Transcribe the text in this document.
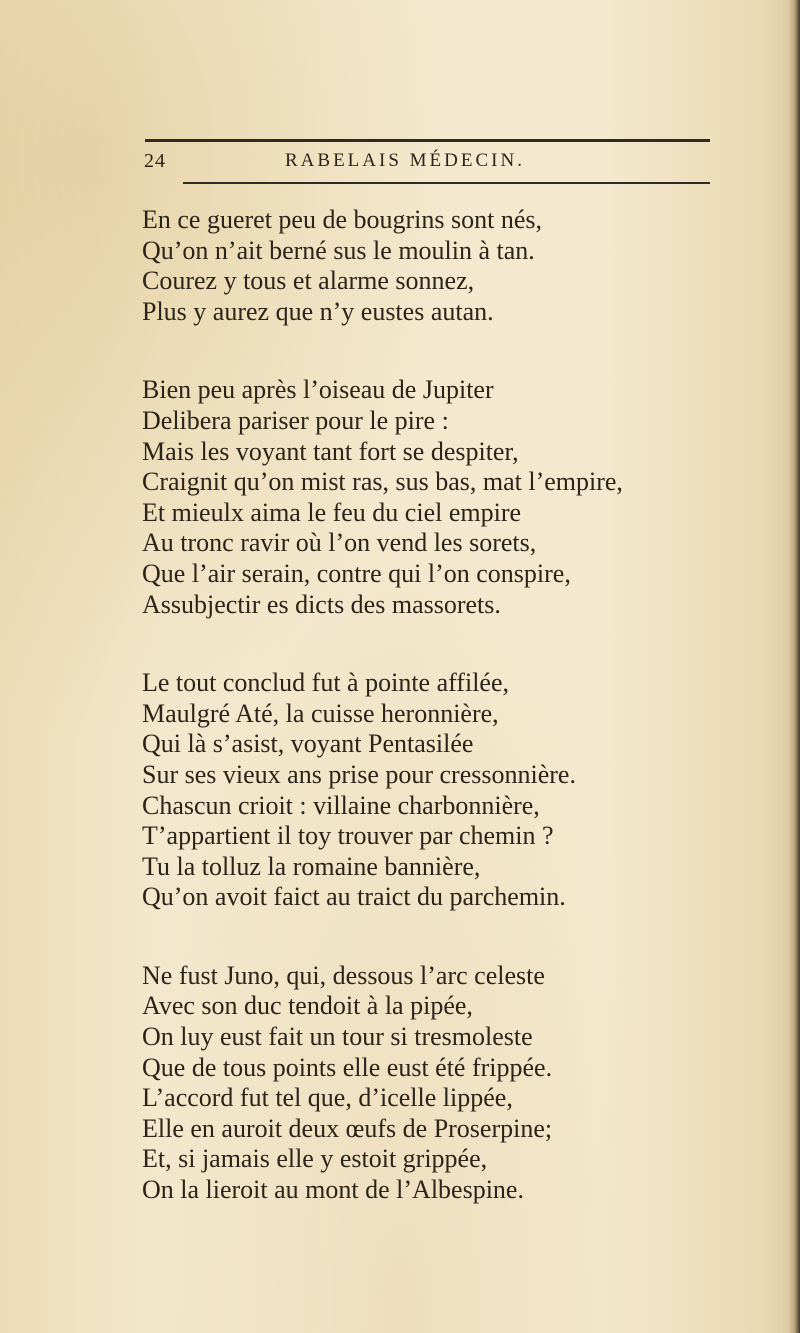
24	RABELAIS MÉDECIN.
En ce gueret peu de bougrins sont nés,
Qu’on n’ait berné sus le moulin à tan.
Courez y tous et alarme sonnez,
Plus y aurez que n’y eustes autan.
Bien peu après l’oiseau de Jupiter
Delibera pariser pour le pire :
Mais les voyant tant fort se despiter,
Craignit qu’on mist ras, sus bas, mat l’empire,
Et mieulx aima le feu du ciel empire
Au tronc ravir où l’on vend les sorets,
Que l’air serain, contre qui l’on conspire,
Assubjectir es dicts des massorets.
Le tout conclud fut à pointe affilée,
Maulgré Até, la cuisse heronnière,
Qui là s’asist, voyant Pentasilée
Sur ses vieux ans prise pour cressonnière.
Chascun crioit : villaine charbonnière,
T’appartient il toy trouver par chemin ?
Tu la tolluz la romaine bannière,
Qu’on avoit faict au traict du parchemin.
Ne fust Juno, qui, dessous l’arc celeste
Avec son duc tendoit à la pipée,
On luy eust fait un tour si tresmoleste
Que de tous points elle eust été frippée.
L’accord fut tel que, d’icelle lippée,
Elle en auroit deux œufs de Proserpine;
Et, si jamais elle y estoit grippée,
On la lieroit au mont de l’Albespine.
